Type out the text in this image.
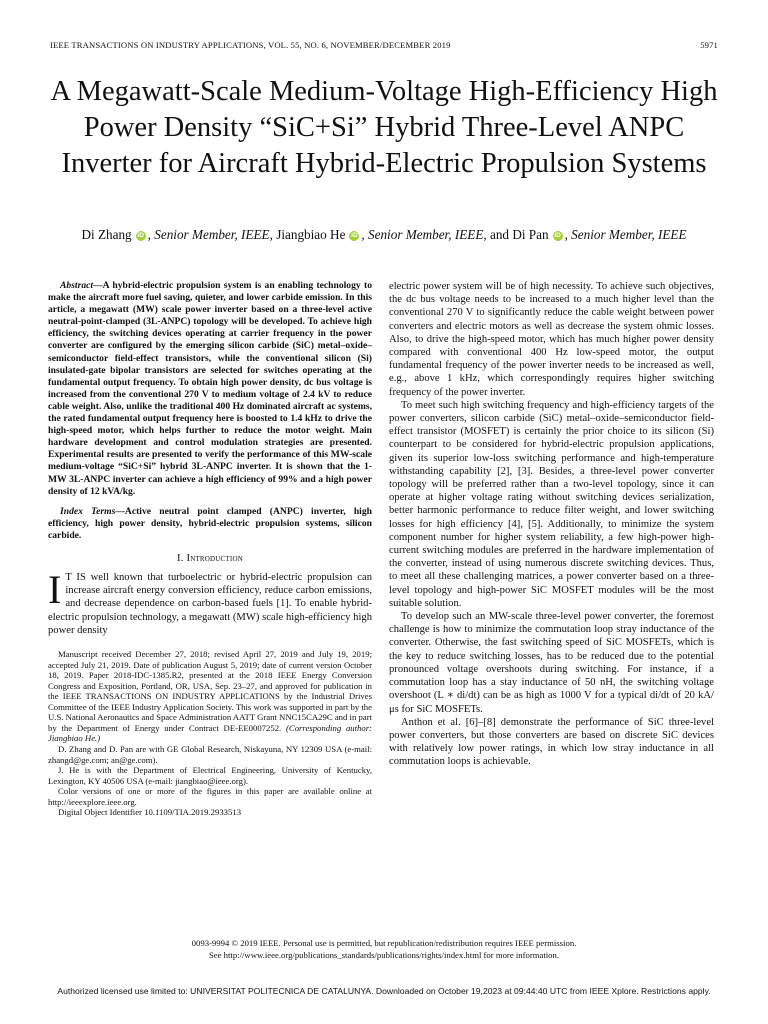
IEEE TRANSACTIONS ON INDUSTRY APPLICATIONS, VOL. 55, NO. 6, NOVEMBER/DECEMBER 2019	5971
A Megawatt-Scale Medium-Voltage High-Efficiency High Power Density “SiC+Si” Hybrid Three-Level ANPC Inverter for Aircraft Hybrid-Electric Propulsion Systems
Di Zhang iD , Senior Member, IEEE, Jiangbiao He iD , Senior Member, IEEE, and Di Pan iD , Senior Member, IEEE

Abstract—A hybrid-electric propulsion system is an enabling technology to make the aircraft more fuel saving, quieter, and lower carbide emission. In this article, a megawatt (MW) scale power inverter based on a three-level active neutral-point-clamped (3L-ANPC) topology will be developed. To achieve high efficiency, the switching devices operating at carrier frequency in the power converter are configured by the emerging silicon carbide (SiC) metal–oxide–semiconductor field-effect transistors, while the conventional silicon (Si) insulated-gate bipolar transistors are selected for switches operating at the fundamental output frequency. To obtain high power density, dc bus voltage is increased from the conventional 270 V to medium voltage of 2.4 kV to reduce cable weight. Also, unlike the traditional 400 Hz dominated aircraft ac systems, the rated fundamental output frequency here is boosted to 1.4 kHz to drive the high-speed motor, which helps further to reduce the motor weight. Main hardware development and control modulation strategies are presented. Experimental results are presented to verify the performance of this MW-scale medium-voltage “SiC+Si” hybrid 3L-ANPC inverter. It is shown that the 1-MW 3L-ANPC inverter can achieve a high efficiency of 99% and a high power density of 12 kVA/kg.

Index Terms—Active neutral point clamped (ANPC) inverter, high efficiency, high power density, hybrid-electric propulsion systems, silicon carbide.

I. Introduction

I T IS well known that turboelectric or hybrid-electric propulsion can increase aircraft energy conversion efficiency, reduce carbon emissions, and decrease dependence on carbon-based fuels [1]. To enable hybrid-electric propulsion technology, a megawatt (MW) scale high-efficiency high power density

Manuscript received December 27, 2018; revised April 27, 2019 and July 19, 2019; accepted July 21, 2019. Date of publication August 5, 2019; date of current version October 18, 2019. Paper 2018-IDC-1385.R2, presented at the 2018 IEEE Energy Conversion Congress and Exposition, Portland, OR, USA, Sep. 23–27, and approved for publication in the IEEE TRANSACTIONS ON INDUSTRY APPLICATIONS by the Industrial Drives Committee of the IEEE Industry Application Society. This work was supported in part by the U.S. National Aeronautics and Space Administration AATT Grant NNC15CA29C and in part by the Department of Energy under Contract DE-EE0007252. (Corresponding author: Jiangbiao He.)

D. Zhang and D. Pan are with GE Global Research, Niskayuna, NY 12309 USA (e-mail: zhangd@ge.com; an@ge.com).

J. He is with the Department of Electrical Engineering, University of Kentucky, Lexington, KY 40506 USA (e-mail: jiangbiao@ieee.org).

Color versions of one or more of the figures in this paper are available online at http://ieeexplore.ieee.org.

Digital Object Identifier 10.1109/TIA.2019.2933513

electric power system will be of high necessity. To achieve such objectives, the dc bus voltage needs to be increased to a much higher level than the conventional 270 V to significantly reduce the cable weight between power converters and electric motors as well as decrease the system ohmic losses. Also, to drive the high-speed motor, which has much higher power density compared with conventional 400 Hz low-speed motor, the output fundamental frequency of the power inverter needs to be increased as well, e.g., above 1 kHz, which correspondingly requires higher switching frequency of the power inverter.

To meet such high switching frequency and high-efficiency targets of the power converters, silicon carbide (SiC) metal–oxide–semiconductor field-effect transistor (MOSFET) is certainly the prior choice to its silicon (Si) counterpart to be considered for hybrid-electric propulsion applications, given its superior low-loss switching performance and high-temperature withstanding capability [2], [3]. Besides, a three-level power converter topology will be preferred rather than a two-level topology, since it can operate at higher voltage rating without switching devices serialization, better harmonic performance to reduce filter weight, and lower switching losses for high efficiency [4], [5]. Additionally, to minimize the system component number for higher system reliability, a few high-power high-current switching modules are preferred in the hardware implementation of the converter, instead of using numerous discrete switching devices. Thus, to meet all these challenging matrices, a power converter based on a three-level topology and high-power SiC MOSFET modules will be the most suitable solution.

To develop such an MW-scale three-level power converter, the foremost challenge is how to minimize the commutation loop stray inductance of the converter. Otherwise, the fast switching speed of SiC MOSFETs, which is the key to reduce switching losses, has to be reduced due to the potential pronounced voltage overshoots during switching. For instance, if a commutation loop has a stay inductance of 50 nH, the switching voltage overshoot (L ∗ di/dt) can be as high as 1000 V for a typical di/dt of 20 kA/μs for SiC MOSFETs.

Anthon et al. [6]–[8] demonstrate the performance of SiC three-level power converters, but those converters are based on discrete SiC devices with relatively low power ratings, in which low stray inductance in all commutation loops is achievable.

0093-9994 © 2019 IEEE. Personal use is permitted, but republication/redistribution requires IEEE permission.
See http://www.ieee.org/publications_standards/publications/rights/index.html for more information.
Authorized licensed use limited to: UNIVERSITAT POLITECNICA DE CATALUNYA. Downloaded on October 19,2023 at 09:44:40 UTC from IEEE Xplore. Restrictions apply.
